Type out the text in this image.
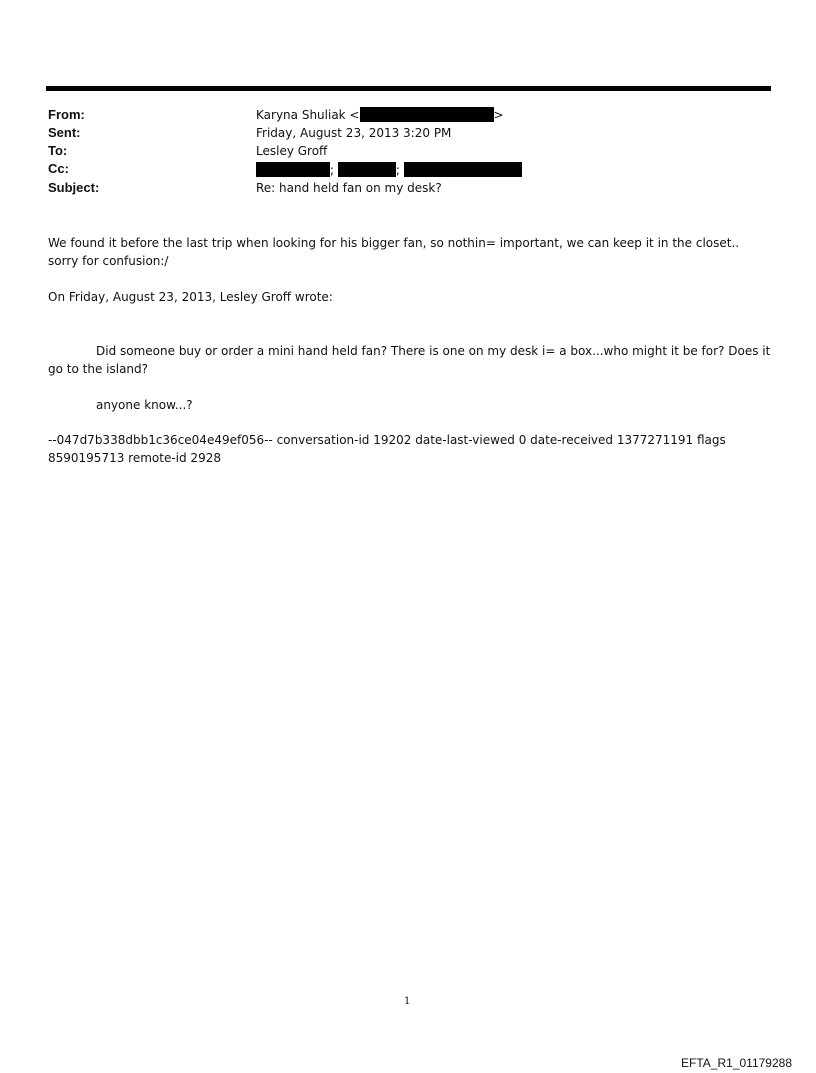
From:	Karyna Shuliak <	>
Sent:	Friday, August 23, 2013 3:20 PM
To:	Lesley Groff
Cc:	;	;
Subject:	Re: hand held fan on my desk?
We found it before the last trip when looking for his bigger fan, so nothin= important, we can keep it in the closet.. sorry for confusion:/
On Friday, August 23, 2013, Lesley Groff wrote:
Did someone buy or order a mini hand held fan? There is one on my desk i= a box...who might it be for? Does it go to the island?
anyone know...?
--047d7b338dbb1c36ce04e49ef056-- conversation-id 19202 date-last-viewed 0 date-received 1377271191 flags 8590195713 remote-id 2928
1
EFTA_R1_01179288
